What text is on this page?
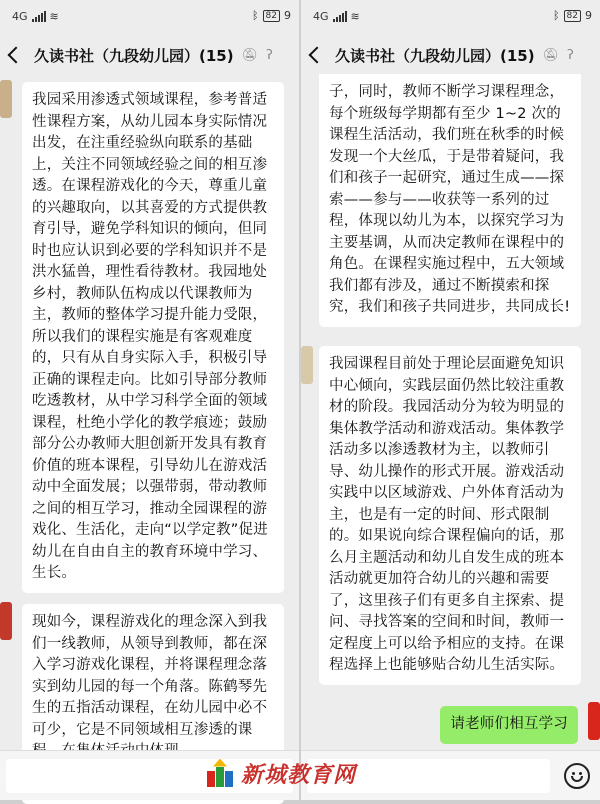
4G ≋	ᛒ 82 9
久读书社（九段幼儿园）(15) 🔕︎ ʔ
我园采用渗透式领域课程，参考普适性课程方案，从幼儿园本身实际情况出发，在注重经验纵向联系的基础上，关注不同领域经验之间的相互渗透。在课程游戏化的今天，尊重儿童的兴趣取向，以其喜爱的方式提供教育引导，避免学科知识的倾向，但同时也应认识到必要的学科知识并不是洪水猛兽，理性看待教材。我园地处乡村，教师队伍构成以代课教师为主，教师的整体学习提升能力受限，所以我们的课程实施是有客观难度的，只有从自身实际入手，积极引导正确的课程走向。比如引导部分教师吃透教材，从中学习科学全面的领域课程，杜绝小学化的教学痕迹；鼓励部分公办教师大胆创新开发具有教育价值的班本课程，引导幼儿在游戏活动中全面发展；以强带弱，带动教师之间的相互学习，推动全园课程的游戏化、生活化，走向“以学定教”促进幼儿在自由自主的教育环境中学习、生长。
现如今，课程游戏化的理念深入到我们一线教师，从领导到教师，都在深入学习游戏化课程，并将课程理念落实到幼儿园的每一个角落。陈鹤琴先生的五指活动课程，在幼儿园中必不可少，它是不同领域相互渗透的课
4G ≋	ᛒ 82 9
久读书社（九段幼儿园）(15) 🔕︎ ʔ
子，同时，教师不断学习课程理念，每个班级每学期都有至少 1~2 次的课程生活活动，我们班在秋季的时候发现一个大丝瓜，于是带着疑问，我们和孩子一起研究，通过生成——探索——参与——收获等一系列的过程，体现以幼儿为本，以探究学习为主要基调，从而决定教师在课程中的角色。在课程实施过程中，五大领域我们都有涉及，通过不断摸索和探究，我们和孩子共同进步，共同成长!
我园课程目前处于理论层面避免知识中心倾向，实践层面仍然比较注重教材的阶段。我园活动分为较为明显的集体教学活动和游戏活动。集体教学活动多以渗透教材为主，以教师引导、幼儿操作的形式开展。游戏活动实践中以区域游戏、户外体育活动为主，也是有一定的时间、形式限制的。如果说向综合课程偏向的话，那么月主题活动和幼儿自发生成的班本活动就更加符合幼儿的兴趣和需要了，这里孩子们有更多自主探索、提问、寻找答案的空间和时间，教师一定程度上可以给予相应的支持。在课程选择上也能够贴合幼儿生活实际。
请老师们相互学习
新城教育网
